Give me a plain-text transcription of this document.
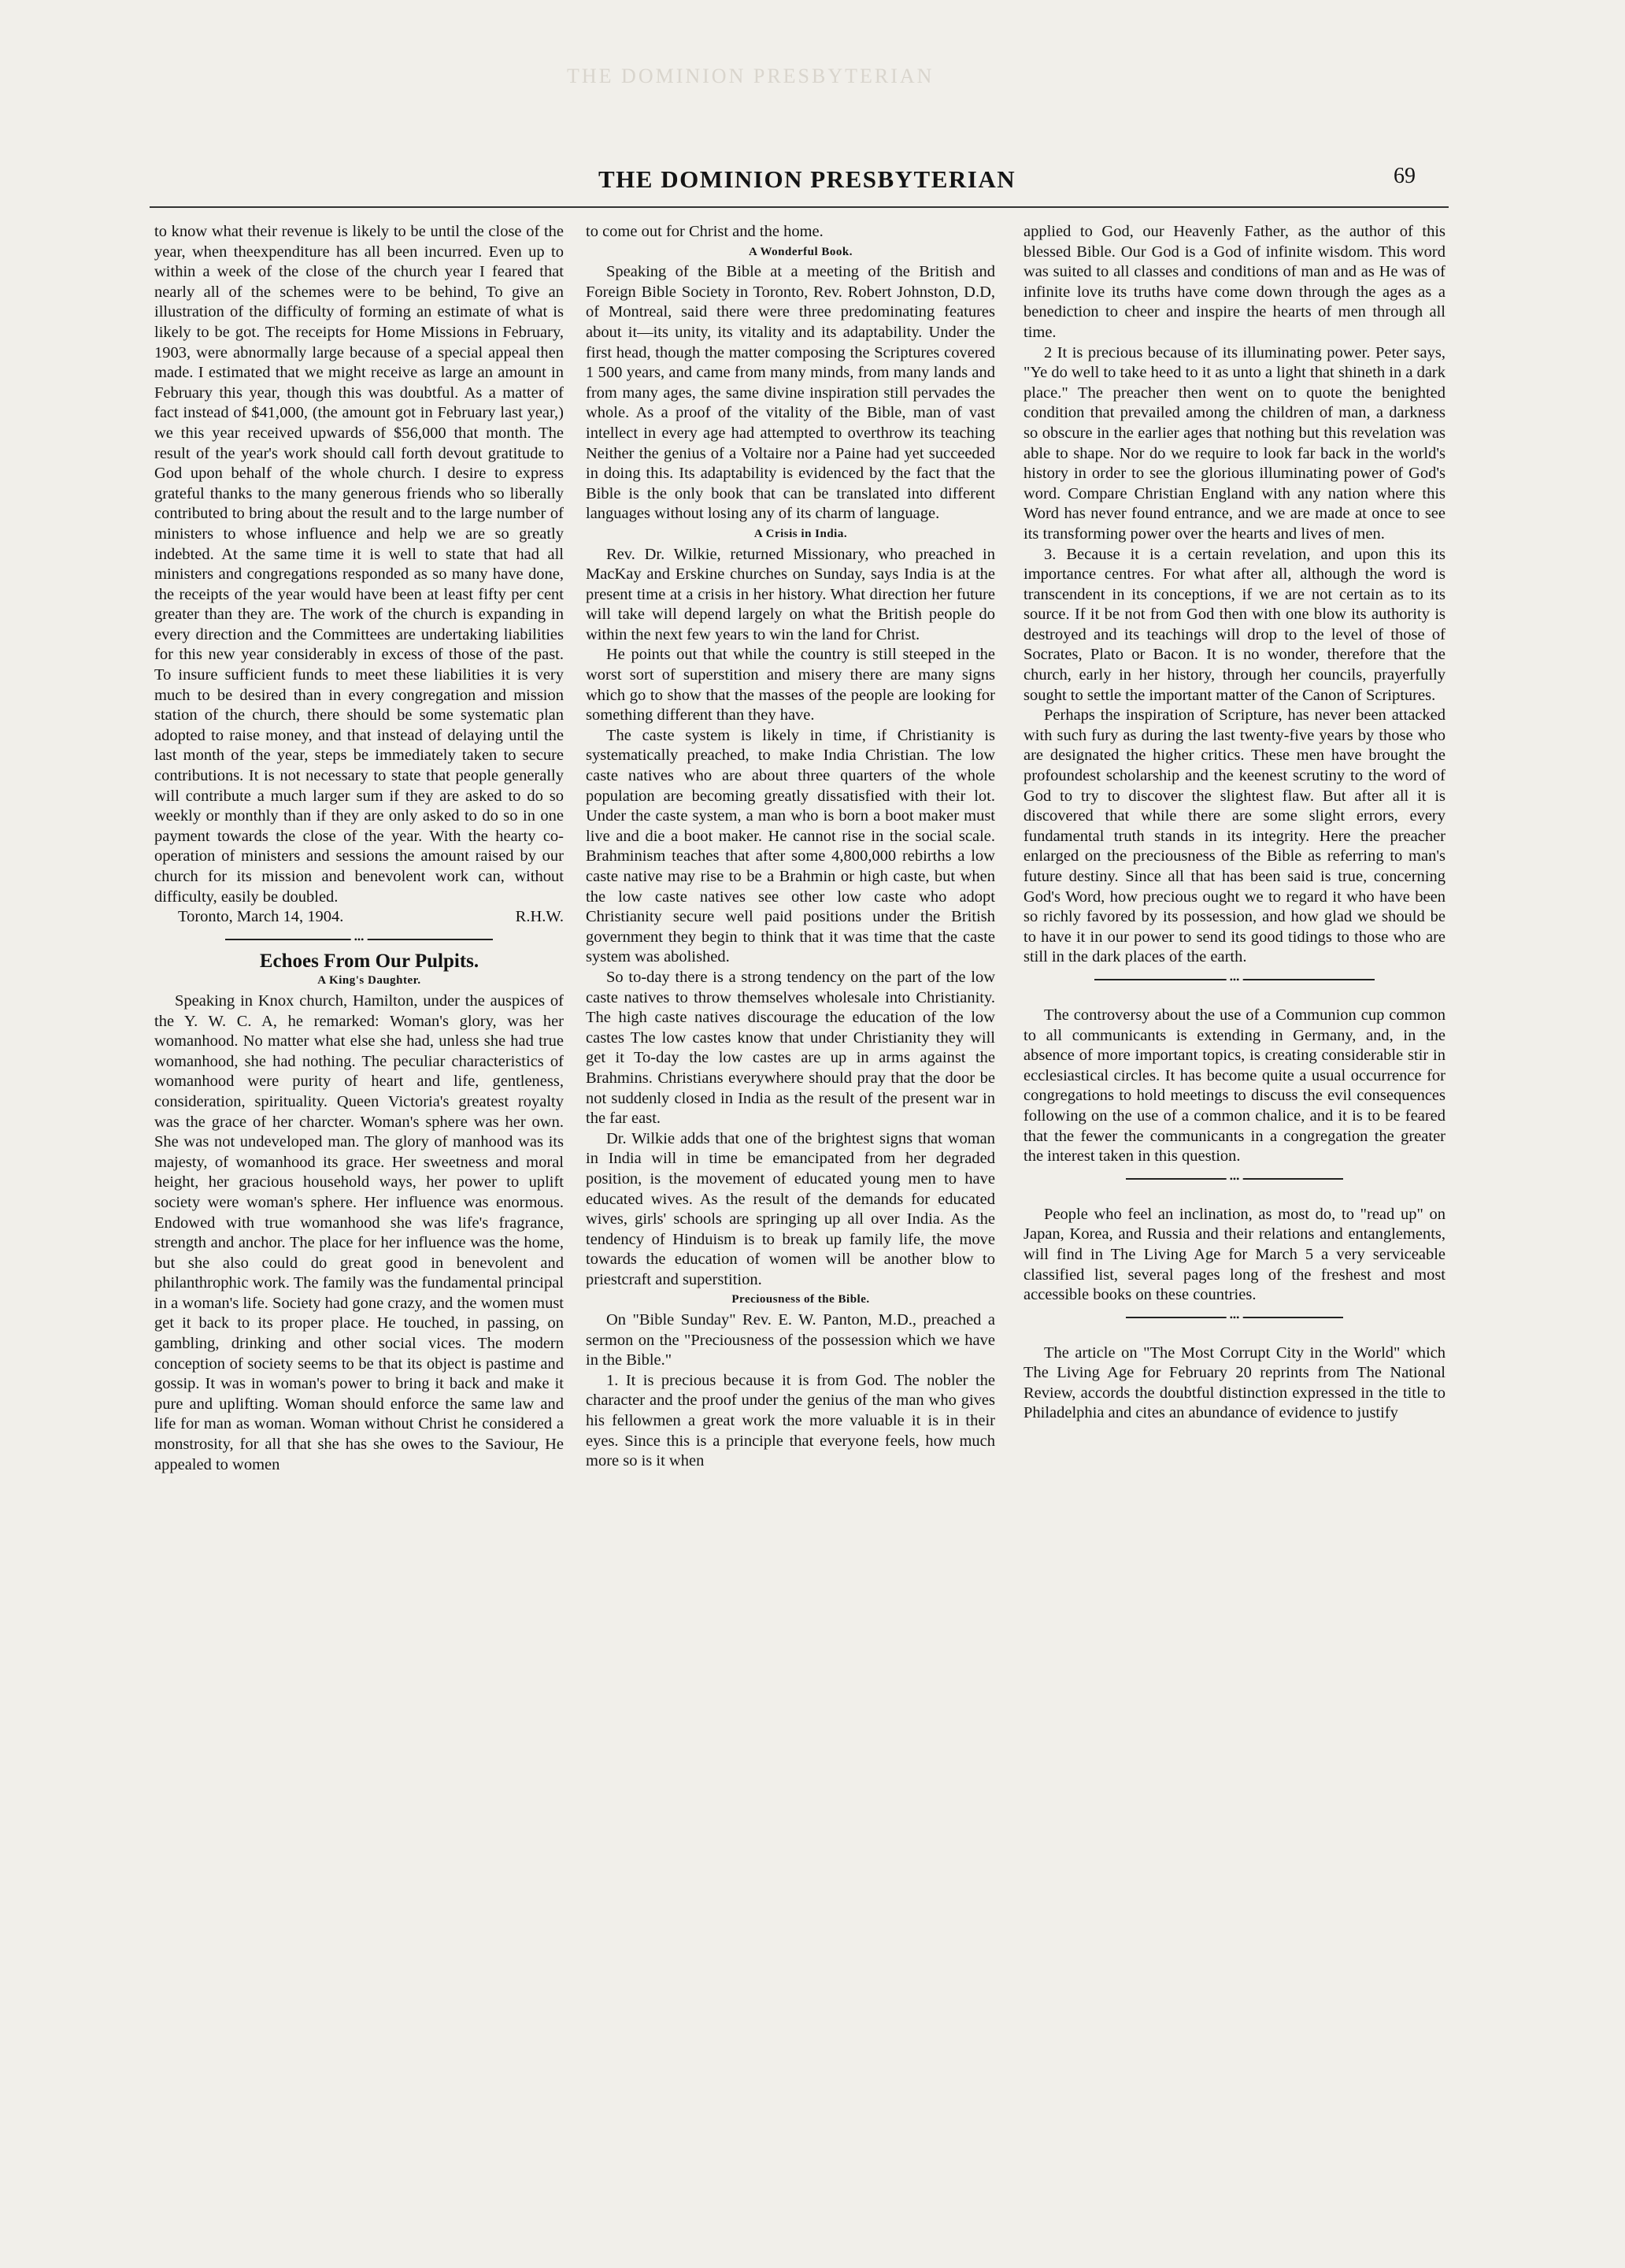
THE DOMINION PRESBYTERIAN
THE DOMINION PRESBYTERIAN	69

to know what their revenue is likely to be until the close of the year, when theexpenditure has all been incurred. Even up to within a week of the close of the church year I feared that nearly all of the schemes were to be behind, To give an illustration of the difficulty of forming an estimate of what is likely to be got. The receipts for Home Missions in February, 1903, were abnormally large because of a special appeal then made. I estimated that we might receive as large an amount in February this year, though this was doubtful. As a matter of fact instead of $41,000, (the amount got in February last year,) we this year received upwards of $56,000 that month. The result of the year's work should call forth devout gratitude to God upon behalf of the whole church. I desire to express grateful thanks to the many generous friends who so liberally contributed to bring about the result and to the large number of ministers to whose influence and help we are so greatly indebted. At the same time it is well to state that had all ministers and congregations responded as so many have done, the receipts of the year would have been at least fifty per cent greater than they are. The work of the church is expanding in every direction and the Committees are undertaking liabilities for this new year considerably in excess of those of the past. To insure sufficient funds to meet these liabilities it is very much to be desired than in every congregation and mission station of the church, there should be some systematic plan adopted to raise money, and that instead of delaying until the last month of the year, steps be immediately taken to secure contributions. It is not necessary to state that people generally will contribute a much larger sum if they are asked to do so weekly or monthly than if they are only asked to do so in one payment towards the close of the year. With the hearty co-operation of ministers and sessions the amount raised by our church for its mission and benevolent work can, without difficulty, easily be doubled.

Toronto, March 14, 1904.	R.H.W.
•••

Echoes From Our Pulpits.

A King's Daughter.

Speaking in Knox church, Hamilton, under the auspices of the Y. W. C. A, he remarked: Woman's glory, was her womanhood. No matter what else she had, unless she had true womanhood, she had nothing. The peculiar characteristics of womanhood were purity of heart and life, gentleness, consideration, spirituality. Queen Victoria's greatest royalty was the grace of her charcter. Woman's sphere was her own. She was not undeveloped man. The glory of manhood was its majesty, of womanhood its grace. Her sweetness and moral height, her gracious household ways, her power to uplift society were woman's sphere. Her influence was enormous. Endowed with true womanhood she was life's fragrance, strength and anchor. The place for her influence was the home, but she also could do great good in benevolent and philanthrophic work. The family was the fundamental principal in a woman's life. Society had gone crazy, and the women must get it back to its proper place. He touched, in passing, on gambling, drinking and other social vices. The modern conception of society seems to be that its object is pastime and gossip. It was in woman's power to bring it back and make it pure and uplifting. Woman should enforce the same law and life for man as woman. Woman without Christ he considered a monstrosity, for all that she has she owes to the Saviour, He appealed to women

to come out for Christ and the home.

A Wonderful Book.

Speaking of the Bible at a meeting of the British and Foreign Bible Society in Toronto, Rev. Robert Johnston, D.D, of Montreal, said there were three predominating features about it—its unity, its vitality and its adaptability. Under the first head, though the matter composing the Scriptures covered 1 500 years, and came from many minds, from many lands and from many ages, the same divine inspiration still pervades the whole. As a proof of the vitality of the Bible, man of vast intellect in every age had attempted to overthrow its teaching Neither the genius of a Voltaire nor a Paine had yet succeeded in doing this. Its adaptability is evidenced by the fact that the Bible is the only book that can be translated into different languages without losing any of its charm of language.

A Crisis in India.

Rev. Dr. Wilkie, returned Missionary, who preached in MacKay and Erskine churches on Sunday, says India is at the present time at a crisis in her history. What direction her future will take will depend largely on what the British people do within the next few years to win the land for Christ.

He points out that while the country is still steeped in the worst sort of superstition and misery there are many signs which go to show that the masses of the people are looking for something different than they have.

The caste system is likely in time, if Christianity is systematically preached, to make India Christian. The low caste natives who are about three quarters of the whole population are becoming greatly dissatisfied with their lot. Under the caste system, a man who is born a boot maker must live and die a boot maker. He cannot rise in the social scale. Brahminism teaches that after some 4,800,000 rebirths a low caste native may rise to be a Brahmin or high caste, but when the low caste natives see other low caste who adopt Christianity secure well paid positions under the British government they begin to think that it was time that the caste system was abolished.

So to-day there is a strong tendency on the part of the low caste natives to throw themselves wholesale into Christianity. The high caste natives discourage the education of the low castes The low castes know that under Christianity they will get it To-day the low castes are up in arms against the Brahmins. Christians everywhere should pray that the door be not suddenly closed in India as the result of the present war in the far east.

Dr. Wilkie adds that one of the brightest signs that woman in India will in time be emancipated from her degraded position, is the movement of educated young men to have educated wives. As the result of the demands for educated wives, girls' schools are springing up all over India. As the tendency of Hinduism is to break up family life, the move towards the education of women will be another blow to priestcraft and superstition.

Preciousness of the Bible.

On "Bible Sunday" Rev. E. W. Panton, M.D., preached a sermon on the "Preciousness of the possession which we have in the Bible."

1. It is precious because it is from God. The nobler the character and the proof under the genius of the man who gives his fellowmen a great work the more valuable it is in their eyes. Since this is a principle that everyone feels, how much more so is it when

applied to God, our Heavenly Father, as the author of this blessed Bible. Our God is a God of infinite wisdom. This word was suited to all classes and conditions of man and as He was of infinite love its truths have come down through the ages as a benediction to cheer and inspire the hearts of men through all time.

2 It is precious because of its illuminating power. Peter says, "Ye do well to take heed to it as unto a light that shineth in a dark place." The preacher then went on to quote the benighted condition that prevailed among the children of man, a darkness so obscure in the earlier ages that nothing but this revelation was able to shape. Nor do we require to look far back in the world's history in order to see the glorious illuminating power of God's word. Compare Christian England with any nation where this Word has never found entrance, and we are made at once to see its transforming power over the hearts and lives of men.

3. Because it is a certain revelation, and upon this its importance centres. For what after all, although the word is transcendent in its conceptions, if we are not certain as to its source. If it be not from God then with one blow its authority is destroyed and its teachings will drop to the level of those of Socrates, Plato or Bacon. It is no wonder, therefore that the church, early in her history, through her councils, prayerfully sought to settle the important matter of the Canon of Scriptures.

Perhaps the inspiration of Scripture, has never been attacked with such fury as during the last twenty-five years by those who are designated the higher critics. These men have brought the profoundest scholarship and the keenest scrutiny to the word of God to try to discover the slightest flaw. But after all it is discovered that while there are some slight errors, every fundamental truth stands in its integrity. Here the preacher enlarged on the preciousness of the Bible as referring to man's future destiny. Since all that has been said is true, concerning God's Word, how precious ought we to regard it who have been so richly favored by its possession, and how glad we should be to have it in our power to send its good tidings to those who are still in the dark places of the earth.

•••

The controversy about the use of a Communion cup common to all communicants is extending in Germany, and, in the absence of more important topics, is creating considerable stir in ecclesiastical circles. It has become quite a usual occurrence for congregations to hold meetings to discuss the evil consequences following on the use of a common chalice, and it is to be feared that the fewer the communicants in a congregation the greater the interest taken in this question.

•••

People who feel an inclination, as most do, to "read up" on Japan, Korea, and Russia and their relations and entanglements, will find in The Living Age for March 5 a very serviceable classified list, several pages long of the freshest and most accessible books on these countries.

•••

The article on "The Most Corrupt City in the World" which The Living Age for February 20 reprints from The National Review, accords the doubtful distinction expressed in the title to Philadelphia and cites an abundance of evidence to justify
